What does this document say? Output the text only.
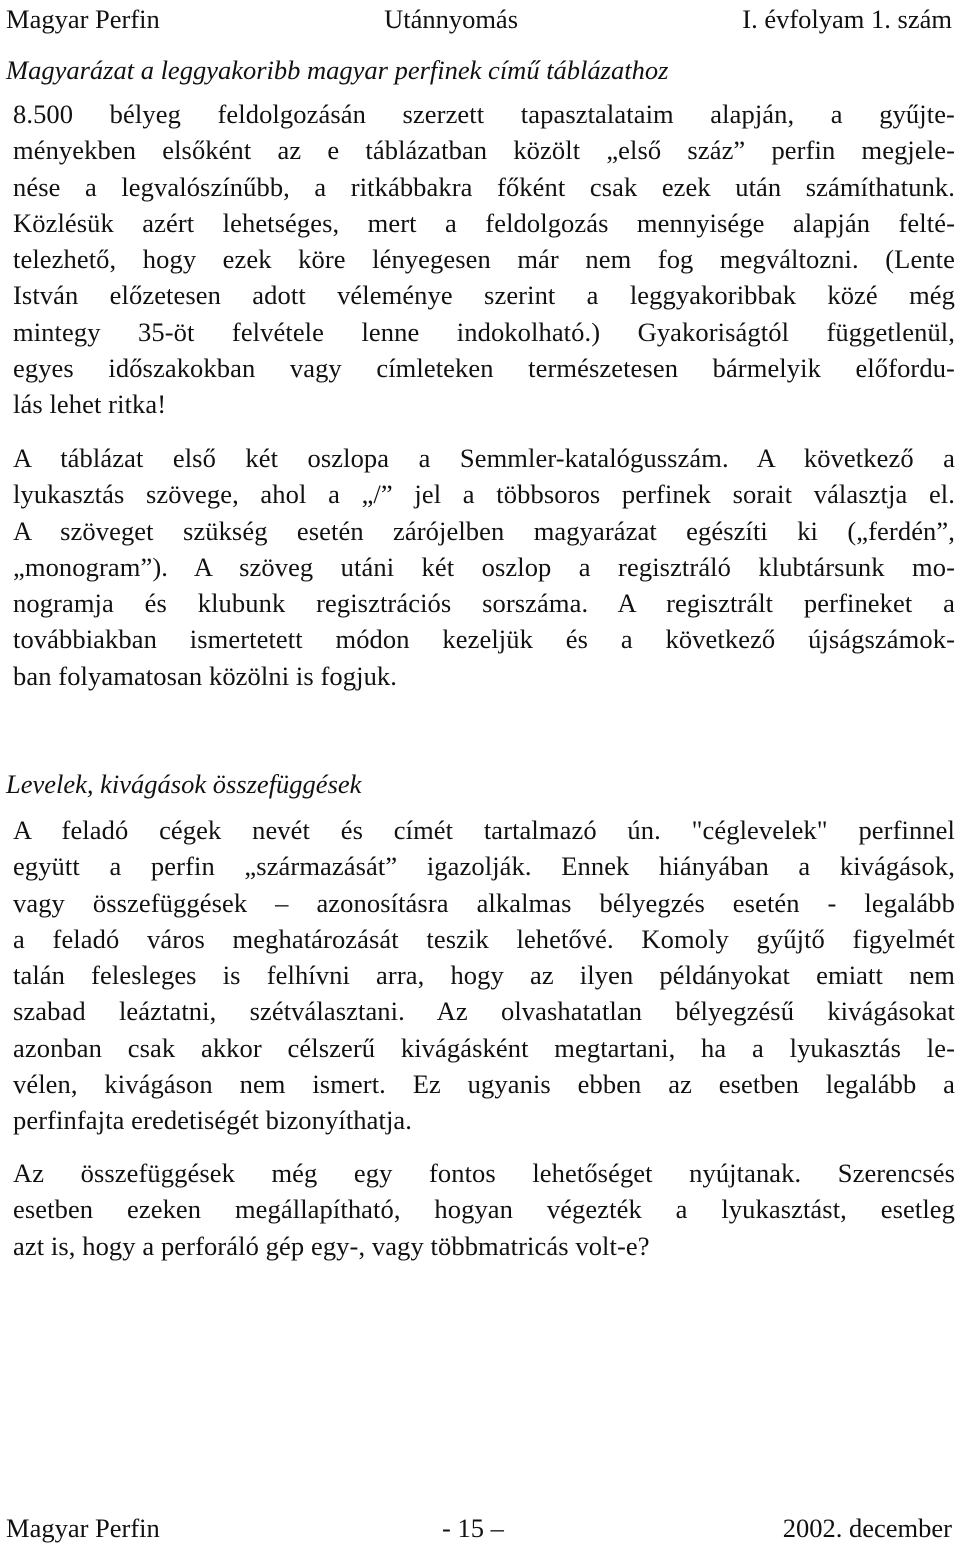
Magyar Perfin	Utánnyomás	I. évfolyam 1. szám
Magyarázat a leggyakoribb magyar perfinek című táblázathoz
8.500 bélyeg feldolgozásán szerzett tapasztalataim alapján, a gyűjte-
ményekben elsőként az e táblázatban közölt „első száz” perfin megjele-
nése a legvalószínűbb, a ritkábbakra főként csak ezek után számíthatunk.
Közlésük azért lehetséges, mert a feldolgozás mennyisége alapján felté-
telezhető, hogy ezek köre lényegesen már nem fog megváltozni. (Lente
István előzetesen adott véleménye szerint a leggyakoribbak közé még
mintegy 35-öt felvétele lenne indokolható.) Gyakoriságtól függetlenül,
egyes időszakokban vagy címleteken természetesen bármelyik előfordu-
lás lehet ritka!
A táblázat első két oszlopa a Semmler-katalógusszám. A következő a
lyukasztás szövege, ahol a „/” jel a többsoros perfinek sorait választja el.
A szöveget szükség esetén zárójelben magyarázat egészíti ki („ferdén”,
„monogram”). A szöveg utáni két oszlop a regisztráló klubtársunk mo-
nogramja és klubunk regisztrációs sorszáma. A regisztrált perfineket a
továbbiakban ismertetett módon kezeljük és a következő újságszámok-
ban folyamatosan közölni is fogjuk.
Levelek, kivágások összefüggések
A feladó cégek nevét és címét tartalmazó ún. "céglevelek" perfinnel
együtt a perfin „származását” igazolják. Ennek hiányában a kivágások,
vagy összefüggések – azonosításra alkalmas bélyegzés esetén - legalább
a feladó város meghatározását teszik lehetővé. Komoly gyűjtő figyelmét
talán felesleges is felhívni arra, hogy az ilyen példányokat emiatt nem
szabad leáztatni, szétválasztani. Az olvashatatlan bélyegzésű kivágásokat
azonban csak akkor célszerű kivágásként megtartani, ha a lyukasztás le-
vélen, kivágáson nem ismert. Ez ugyanis ebben az esetben legalább a
perfinfajta eredetiségét bizonyíthatja.
Az összefüggések még egy fontos lehetőséget nyújtanak. Szerencsés
esetben ezeken megállapítható, hogyan végezték a lyukasztást, esetleg
azt is, hogy a perforáló gép egy-, vagy többmatricás volt-e?
Magyar Perfin	- 15 –	2002. december
